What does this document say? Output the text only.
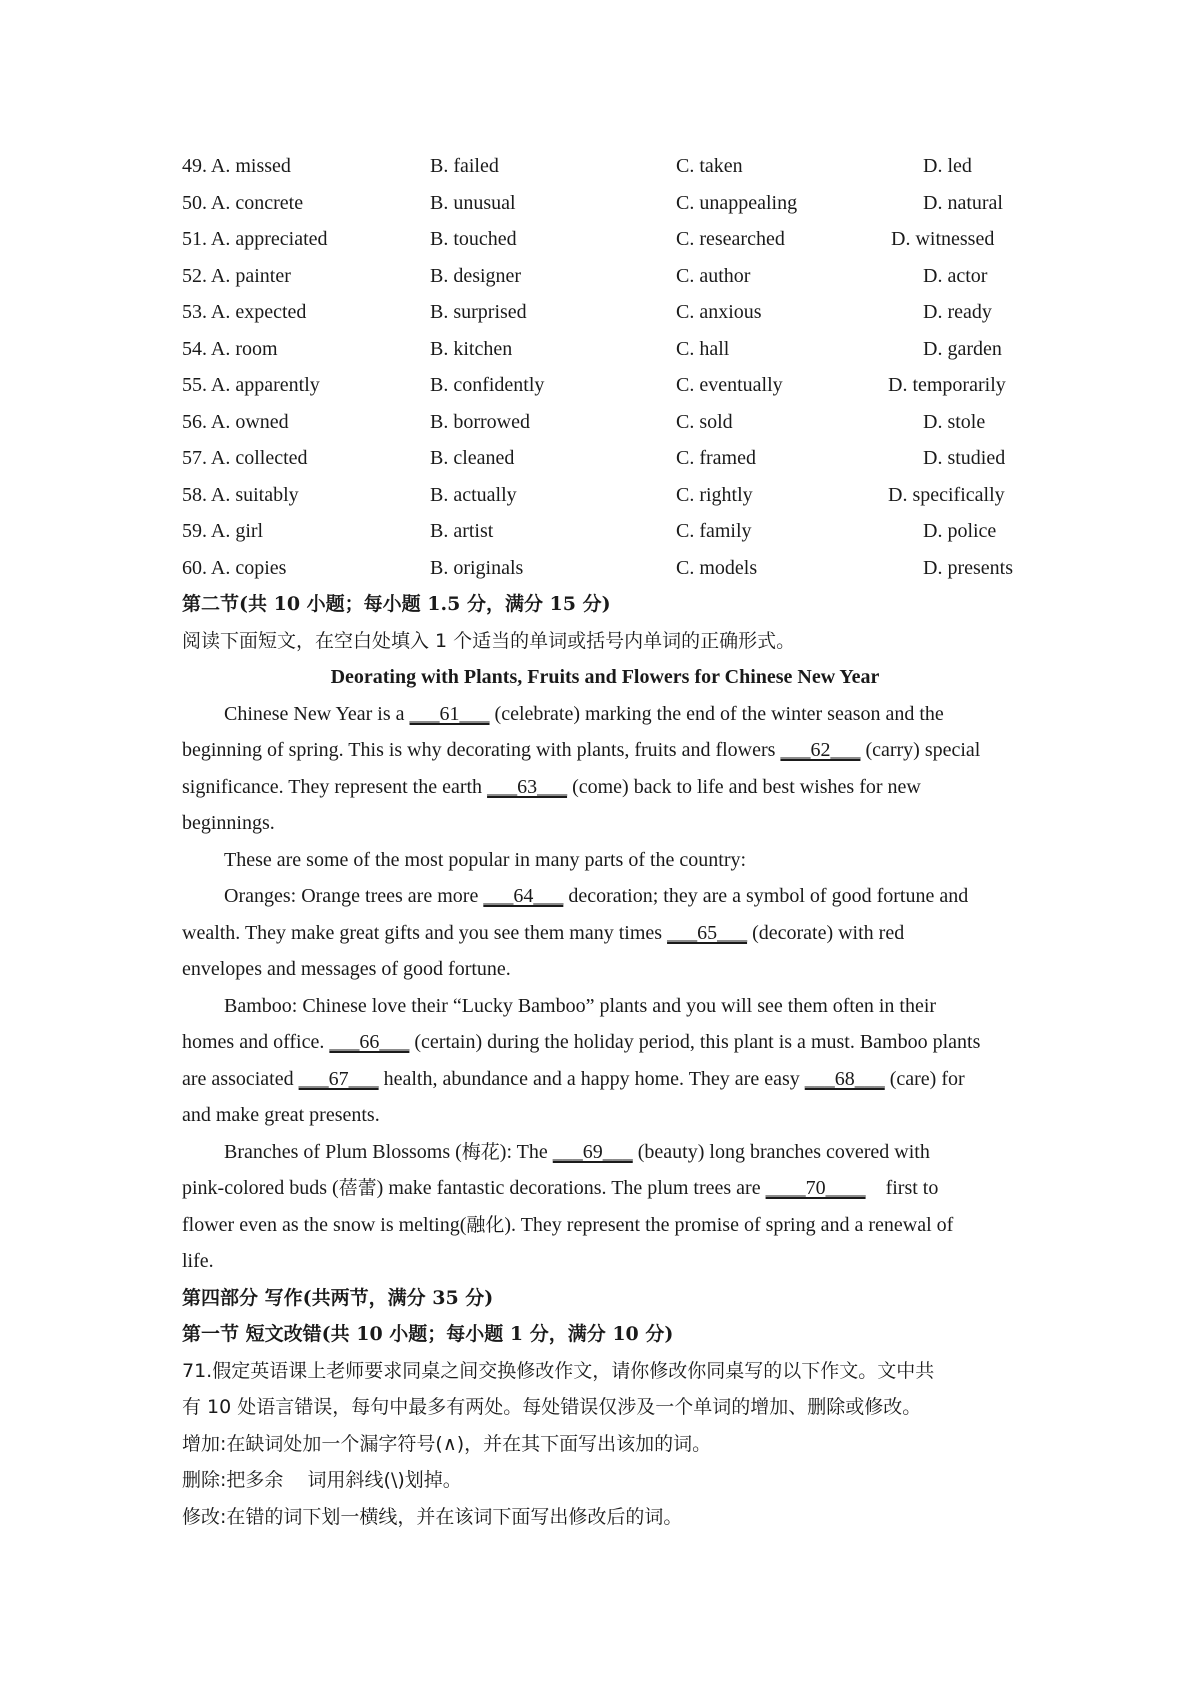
49. A. missed	B. failed	C. taken	D. led
50. A. concrete	B. unusual	C. unappealing	D. natural
51. A. appreciated	B. touched	C. researched	D. witnessed
52. A. painter	B. designer	C. author	D. actor
53. A. expected	B. surprised	C. anxious	D. ready
54. A. room	B. kitchen	C. hall	D. garden
55. A. apparently	B. confidently	C. eventually	D. temporarily
56. A. owned	B. borrowed	C. sold	D. stole
57. A. collected	B. cleaned	C. framed	D. studied
58. A. suitably	B. actually	C. rightly	D. specifically
59. A. girl	B. artist	C. family	D. police
60. A. copies	B. originals	C. models	D. presents
第二节(共 10 小题；每小题 1.5 分，满分 15 分)
阅读下面短文，在空白处填入 1 个适当的单词或括号内单词的正确形式。
Deorating with Plants, Fruits and Flowers for Chinese New Year
Chinese New Year is a ___61___ (celebrate) marking the end of the winter season and the
beginning of spring. This is why decorating with plants, fruits and flowers ___62___ (carry) special
significance. They represent the earth ___63___ (come) back to life and best wishes for new
beginnings.
These are some of the most popular in many parts of the country:
Oranges: Orange trees are more ___64___ decoration; they are a symbol of good fortune and
wealth. They make great gifts and you see them many times ___65___ (decorate) with red
envelopes and messages of good fortune.
Bamboo: Chinese love their “Lucky Bamboo” plants and you will see them often in their
homes and office. ___66___ (certain) during the holiday period, this plant is a must. Bamboo plants
are associated ___67___ health, abundance and a happy home. They are easy ___68___ (care) for
and make great presents.
Branches of Plum Blossoms (梅花): The ___69___ (beauty) long branches covered with
pink-colored buds (蓓蕾) make fantastic decorations. The plum trees are ____70____    first to
flower even as the snow is melting(融化). They represent the promise of spring and a renewal of
life.
第四部分 写作(共两节，满分 35 分)
第一节 短文改错(共 10 小题；每小题 1 分，满分 10 分)
71.假定英语课上老师要求同桌之间交换修改作文，请你修改你同桌写的以下作文。文中共
有 10 处语言错误，每句中最多有两处。每处错误仅涉及一个单词的增加、删除或修改。
增加:在缺词处加一个漏字符号(∧)，并在其下面写出该加的词。
删除:把多余    词用斜线(\)划掉。
修改:在错的词下划一横线，并在该词下面写出修改后的词。
